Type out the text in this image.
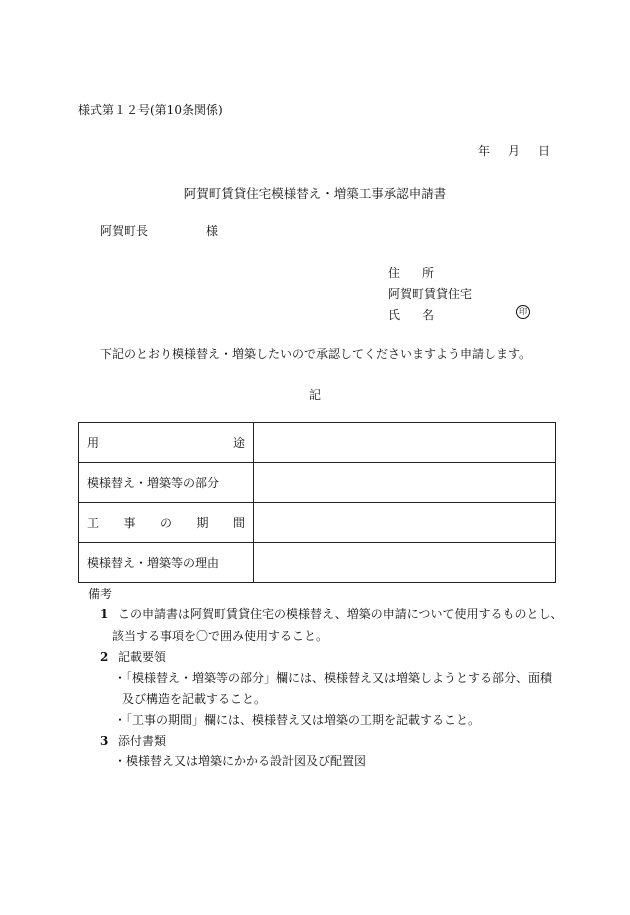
様式第１２号(第10条関係)
年 月 日
阿賀町賃貸住宅模様替え・増築工事承認申請書
阿賀町長	様
住 所
阿賀町賃貸住宅
氏 名	印
下記のとおり模様替え・増築したいので承認してくださいますよう申請します。
記
用 途	

模様替え・増築等の部分	

工 事 の 期 間	

模様替え・増築等の理由	
備考
1 この申請書は阿賀町賃貸住宅の模様替え、増築の申請について使用するものとし、
該当する事項を〇で囲み使用すること。
2 記載要領
・「模様替え・増築等の部分」欄には、模様替え又は増築しようとする部分、面積
及び構造を記載すること。
・「工事の期間」欄には、模様替え又は増築の工期を記載すること。
3 添付書類
・模様替え又は増築にかかる設計図及び配置図
